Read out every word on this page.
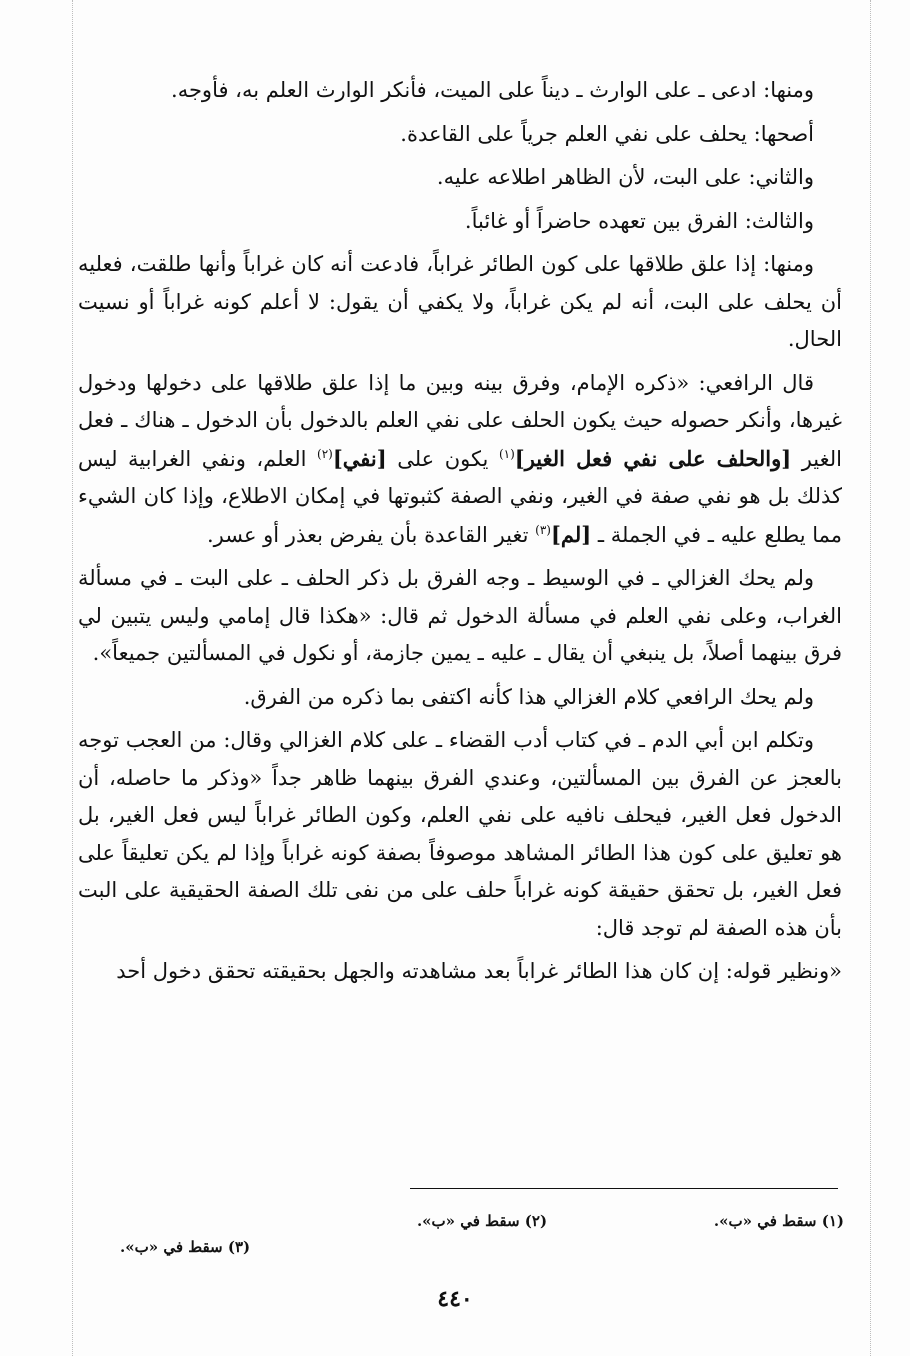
ومنها: ادعى ـ على الوارث ـ ديناً على الميت، فأنكر الوارث العلم به، فأوجه.

أصحها: يحلف على نفي العلم جرياً على القاعدة.

والثاني: على البت، لأن الظاهر اطلاعه عليه.

والثالث: الفرق بين تعهده حاضراً أو غائباً.

ومنها: إذا علق طلاقها على كون الطائر غراباً، فادعت أنه كان غراباً وأنها طلقت، فعليه أن يحلف على البت، أنه لم يكن غراباً، ولا يكفي أن يقول: لا أعلم كونه غراباً أو نسيت الحال.

قال الرافعي: «ذكره الإمام، وفرق بينه وبين ما إذا علق طلاقها على دخولها ودخول غيرها، وأنكر حصوله حيث يكون الحلف على نفي العلم بالدخول بأن الدخول ـ هناك ـ فعل الغير [والحلف على نفي فعل الغير]$^{(١)}$ يكون على [نفي]$^{(٢)}$ العلم، ونفي الغرابية ليس كذلك بل هو نفي صفة في الغير، ونفي الصفة كثبوتها في إمكان الاطلاع، وإذا كان الشيء مما يطلع عليه ـ في الجملة ـ [لم]$^{(٣)}$ تغير القاعدة بأن يفرض بعذر أو عسر.

ولم يحك الغزالي ـ في الوسيط ـ وجه الفرق بل ذكر الحلف ـ على البت ـ في مسألة الغراب، وعلى نفي العلم في مسألة الدخول ثم قال: «هكذا قال إمامي وليس يتبين لي فرق بينهما أصلاً، بل ينبغي أن يقال ـ عليه ـ يمين جازمة، أو نكول في المسألتين جميعاً».

ولم يحك الرافعي كلام الغزالي هذا كأنه اكتفى بما ذكره من الفرق.

وتكلم ابن أبي الدم ـ في كتاب أدب القضاء ـ على كلام الغزالي وقال: من العجب توجه بالعجز عن الفرق بين المسألتين، وعندي الفرق بينهما ظاهر جداً «وذكر ما حاصله، أن الدخول فعل الغير، فيحلف نافيه على نفي العلم، وكون الطائر غراباً ليس فعل الغير، بل هو تعليق على كون هذا الطائر المشاهد موصوفاً بصفة كونه غراباً وإذا لم يكن تعليقاً على فعل الغير، بل تحقق حقيقة كونه غراباً حلف على من نفى تلك الصفة الحقيقية على البت بأن هذه الصفة لم توجد قال:

«ونظير قوله: إن كان هذا الطائر غراباً بعد مشاهدته والجهل بحقيقته تحقق دخول أحد

(١) سقط في «ب».
(٢) سقط في «ب».
(٣) سقط في «ب».
٤٤٠
